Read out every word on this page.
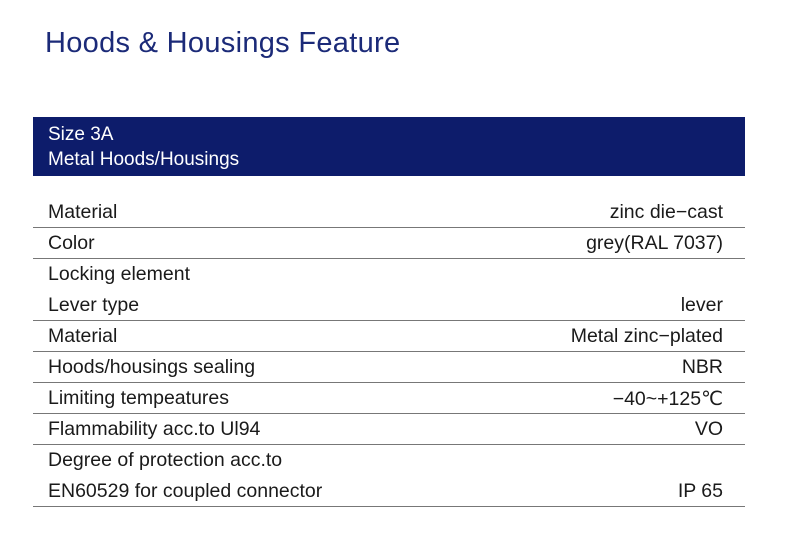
Hoods & Housings Feature
Size 3A
Metal Hoods/Housings
Material	zinc die−cast
Color	grey(RAL 7037)
Locking element
Lever type	lever
Material	Metal zinc−plated
Hoods/housings sealing	NBR
Limiting tempeatures	−40~+125℃
Flammability acc.to Ul94	VO
Degree of protection acc.to
EN60529 for coupled connector	IP 65
